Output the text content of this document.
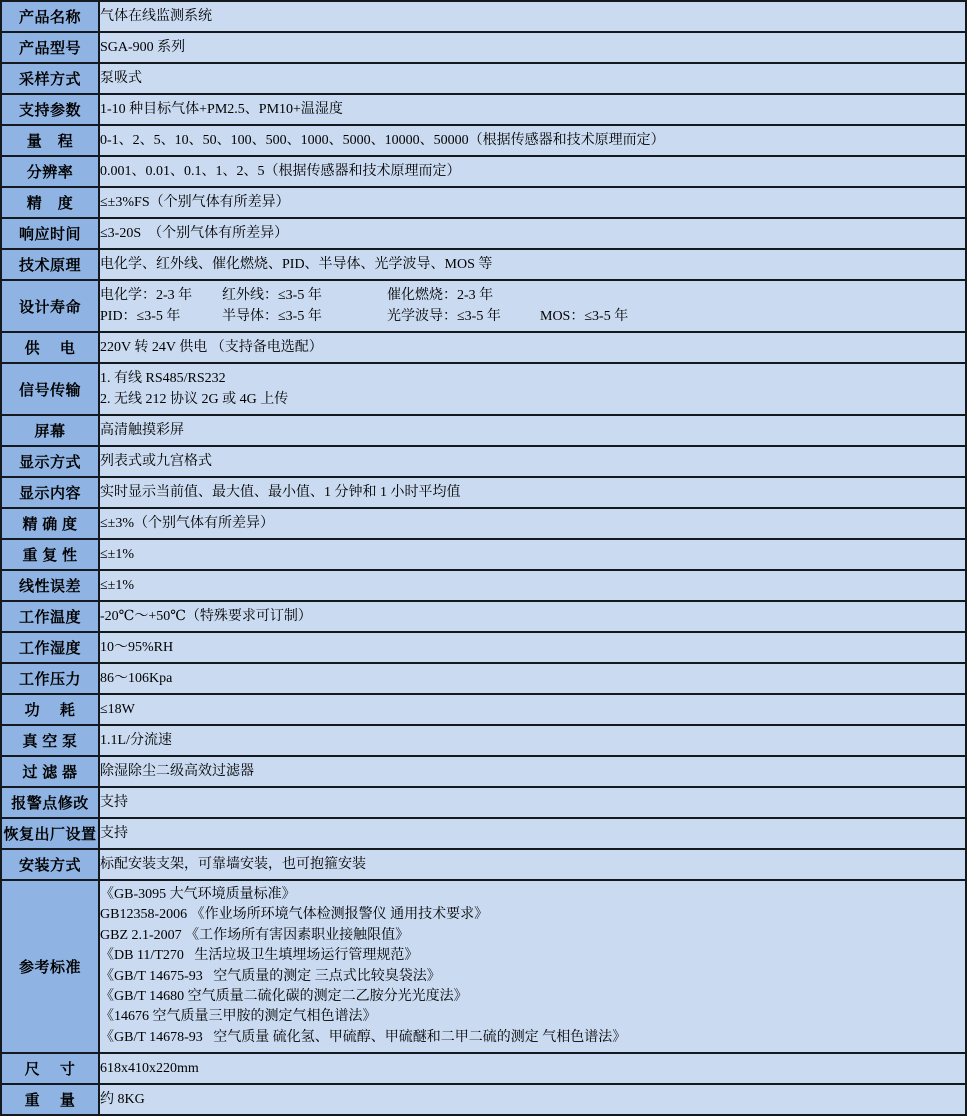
产品名称	气体在线监测系统

产品型号	SGA-900 系列

采样方式	泵吸式

支持参数	1-10 种目标气体+PM2.5、PM10+温湿度

量　程	0-1、2、5、10、50、100、500、1000、5000、10000、50000（根据传感器和技术原理而定）

分辨率	0.001、0.01、0.1、1、2、5（根据传感器和技术原理而定）

精　度	≤±3%FS（个别气体有所差异）

响应时间	≤3-20S  （个别气体有所差异）

技术原理	电化学、红外线、催化燃烧、PID、半导体、光学波导、MOS 等

设计寿命	电化学：2-3 年 红外线：≤3-5 年 催化燃烧：2-3 年
PID：≤3-5 年 半导体：≤3-5 年 光学波导：≤3-5 年 MOS：≤3-5 年

供　 电	220V 转 24V 供电 （支持备电选配）

信号传输	1. 有线 RS485/RS232
2. 无线 212 协议 2G 或 4G 上传

屏幕	高清触摸彩屏

显示方式	列表式或九宫格式

显示内容	实时显示当前值、最大值、最小值、1 分钟和 1 小时平均值

精 确 度	≤±3%（个别气体有所差异）

重 复 性	≤±1%

线性误差	≤±1%

工作温度	-20℃～+50℃（特殊要求可订制）

工作湿度	10～95%RH

工作压力	86～106Kpa

功　 耗	≤18W

真 空 泵	1.1L/分流速

过 滤 器	除湿除尘二级高效过滤器

报警点修改	支持

恢复出厂设置	支持

安装方式	标配安装支架，可靠墙安装，也可抱箍安装

参考标准	
《GB-3095 大气环境质量标准》
GB12358-2006 《作业场所环境气体检测报警仪 通用技术要求》
GBZ 2.1-2007 《工作场所有害因素职业接触限值》
《DB 11/T270   生活垃圾卫生填埋场运行管理规范》
《GB/T 14675-93   空气质量的测定 三点式比较臭袋法》
《GB/T 14680 空气质量二硫化碳的测定二乙胺分光光度法》
《14676 空气质量三甲胺的测定气相色谱法》
《GB/T 14678-93   空气质量 硫化氢、甲硫醇、甲硫醚和二甲二硫的测定 气相色谱法》

尺　 寸	618x410x220mm

重　 量	约 8KG
